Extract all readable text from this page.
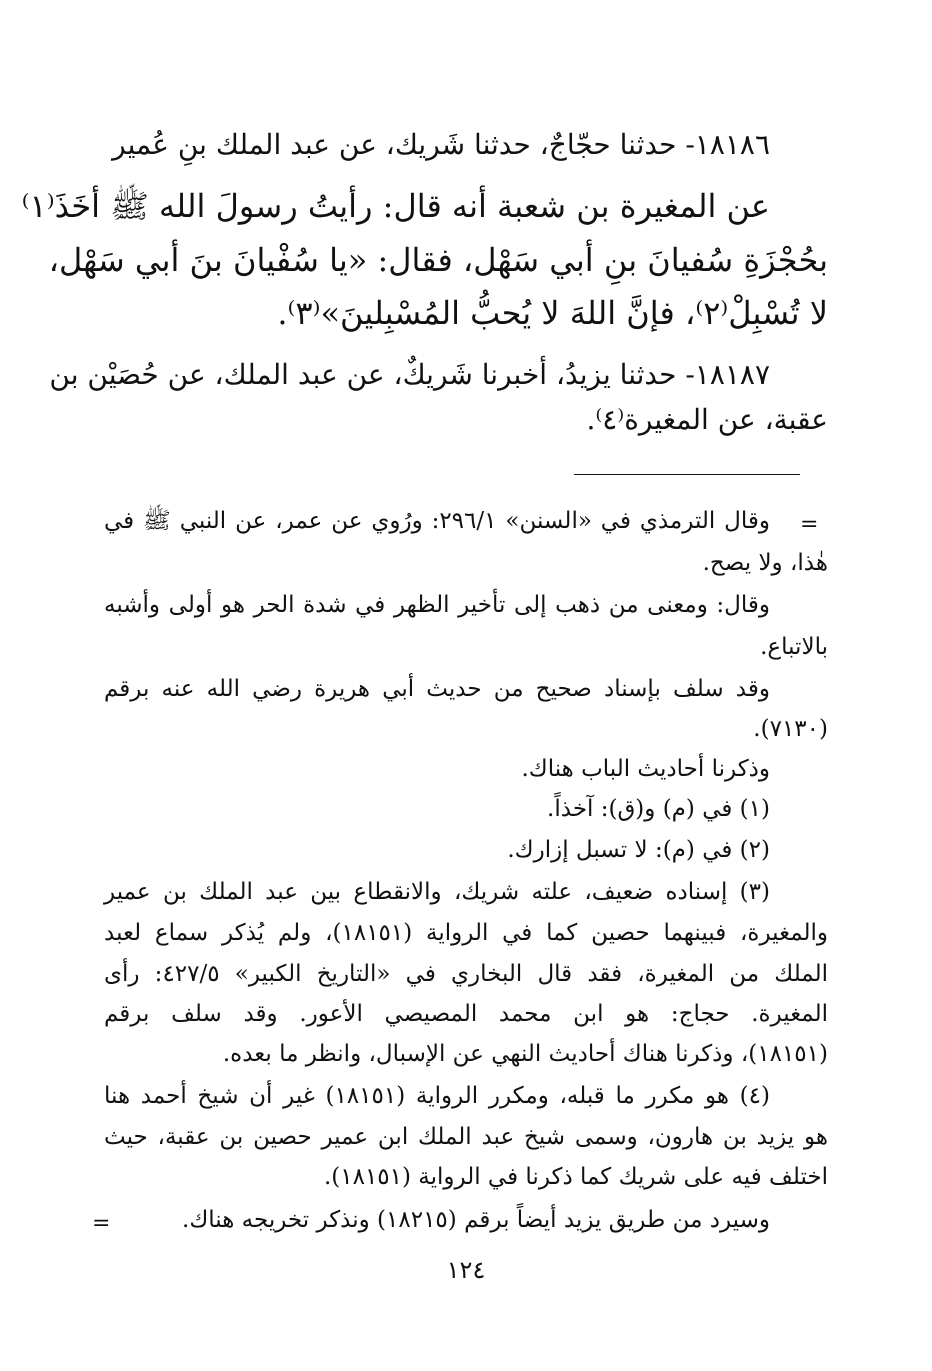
١٨١٨٦- حدثنا حجّاجٌ، حدثنا شَريك، عن عبد الملك بنِ عُمير
عن المغيرة بن شعبة أنه قال: رأيتُ رسولَ الله ﷺ أخَذَ⁽١⁾
بحُجْزَةِ سُفيانَ بنِ أبي سَهْل، فقال: «يا سُفْيانَ بنَ أبي سَهْل،
لا تُسْبِلْ⁽٢⁾، فإنَّ اللهَ لا يُحبُّ المُسْبِلينَ»⁽٣⁾.
١٨١٨٧- حدثنا يزيدُ، أخبرنا شَريكٌ، عن عبد الملك، عن حُصَيْن بن
عقبة، عن المغيرة⁽٤⁾.
=
وقال الترمذي في «السنن» ٢٩٦/١: ورُوي عن عمر، عن النبي ﷺ في
هٰذا، ولا يصح.
وقال: ومعنى من ذهب إلى تأخير الظهر في شدة الحر هو أولى وأشبه
بالاتباع.
وقد سلف بإسناد صحيح من حديث أبي هريرة رضي الله عنه برقم
(٧١٣٠).
وذكرنا أحاديث الباب هناك.
(١) في (م) و(ق): آخذاً.
(٢) في (م): لا تسبل إزارك.
(٣) إسناده ضعيف، علته شريك، والانقطاع بين عبد الملك بن عمير
والمغيرة، فبينهما حصين كما في الرواية (١٨١٥١)، ولم يُذكر سماع لعبد
الملك من المغيرة، فقد قال البخاري في «التاريخ الكبير» ٤٢٧/٥: رأى
المغيرة. حجاج: هو ابن محمد المصيصي الأعور. وقد سلف برقم
(١٨١٥١)، وذكرنا هناك أحاديث النهي عن الإسبال، وانظر ما بعده.
(٤) هو مكرر ما قبله، ومكرر الرواية (١٨١٥١) غير أن شيخ أحمد هنا
هو يزيد بن هارون، وسمى شيخ عبد الملك ابن عمير حصين بن عقبة، حيث
اختلف فيه على شريك كما ذكرنا في الرواية (١٨١٥١).
وسيرد من طريق يزيد أيضاً برقم (١٨٢١٥) ونذكر تخريجه هناك.
=
١٢٤
